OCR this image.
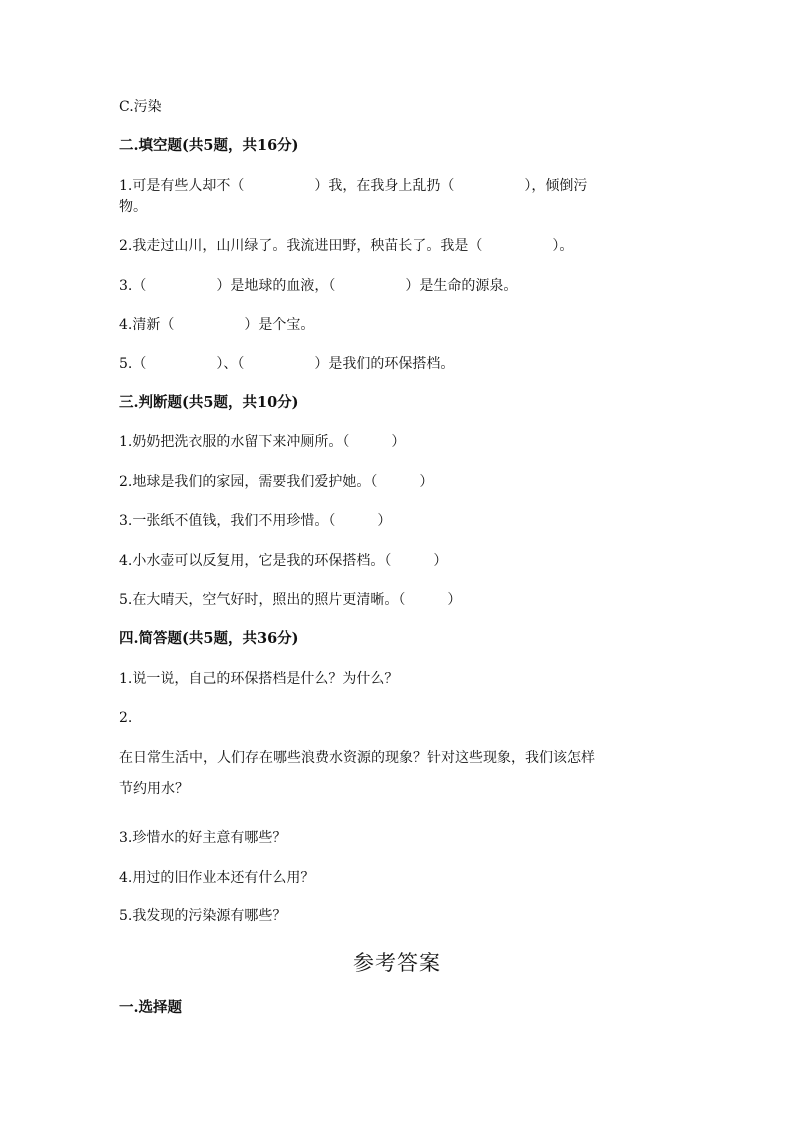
C.污染
二.填空题(共5题，共16分)
1.可是有些人却不（　　　　　）我，在我身上乱扔（　　　　　），倾倒污
物。
2.我走过山川，山川绿了。我流进田野，秧苗长了。我是（　　　　　）。
3.（　　　　　）是地球的血液，（　　　　　）是生命的源泉。
4.清新（　　　　　）是个宝。
5.（　　　　　）、（　　　　　）是我们的环保搭档。
三.判断题(共5题，共10分)
1.奶奶把洗衣服的水留下来冲厕所。（　　　）
2.地球是我们的家园，需要我们爱护她。（　　　）
3.一张纸不值钱，我们不用珍惜。（　　　）
4.小水壶可以反复用，它是我的环保搭档。（　　　）
5.在大晴天，空气好时，照出的照片更清晰。（　　　）
四.简答题(共5题，共36分)
1.说一说，自己的环保搭档是什么？为什么？
2.
在日常生活中，人们存在哪些浪费水资源的现象？针对这些现象，我们该怎样
节约用水？
3.珍惜水的好主意有哪些？
4.用过的旧作业本还有什么用？
5.我发现的污染源有哪些？
参考答案
一.选择题
